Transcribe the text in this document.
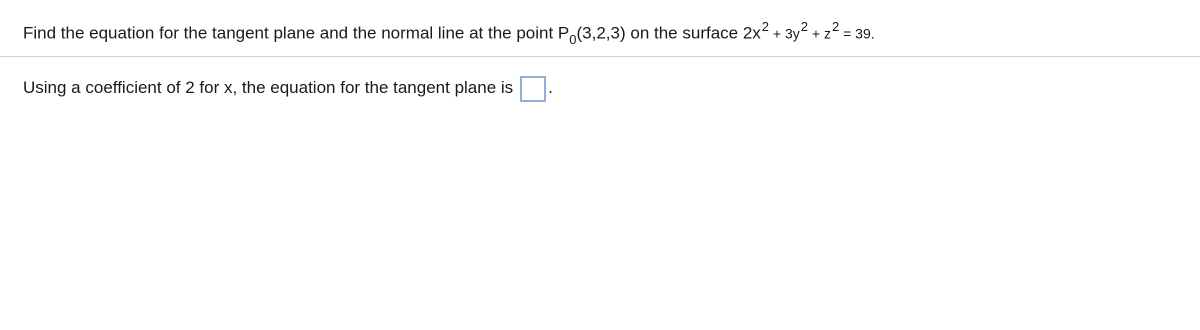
Find the equation for the tangent plane and the normal line at the point $P_0(3,2,3)$ on the surface $2x^2 + 3y^2 + z^2 = 39$.
Using a coefficient of 2 for x, the equation for the tangent plane is .
